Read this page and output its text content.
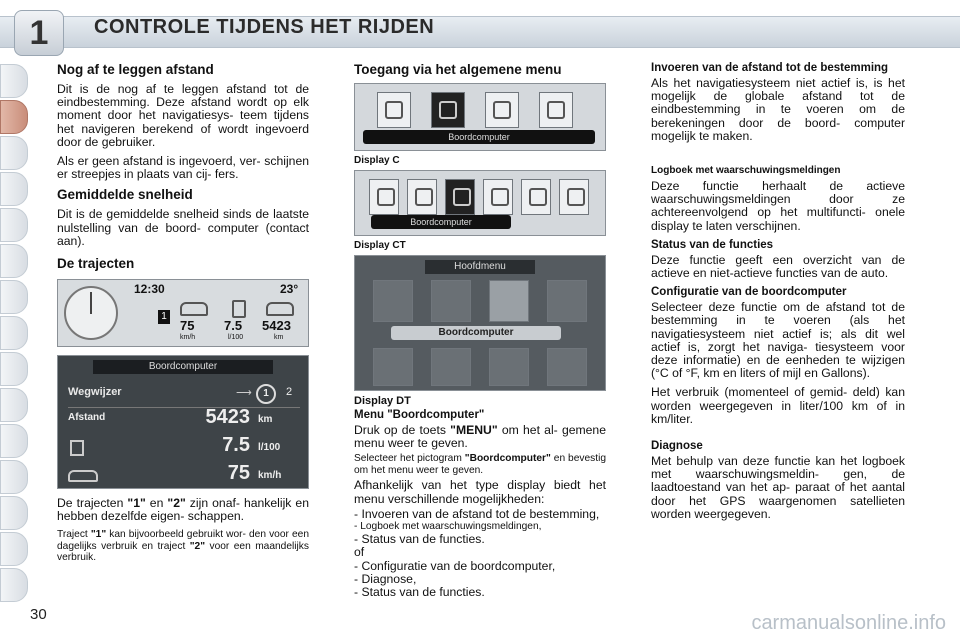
1	CONTROLE TIJDENS HET RIJDEN
Nog af te leggen afstand

Dit is de nog af te leggen afstand tot de eindbestemming. Deze afstand wordt op elk moment door het navigatiesys- teem tijdens het navigeren berekend of wordt ingevoerd door de gebruiker.

Als er geen afstand is ingevoerd, ver- schijnen er streepjes in plaats van cij- fers.

Gemiddelde snelheid

Dit is de gemiddelde snelheid sinds de laatste nulstelling van de boord- computer (contact aan).

De trajecten
12:30	23°
1
75
km/h
7.5
l/100
5423
km
Boordcomputer
Wegwijzer	⟶	1	2
Afstand	5423 km
7.5 l/100
75 km/h

De trajecten "1" en "2" zijn onaf- hankelijk en hebben dezelfde eigen- schappen.

Traject "1" kan bijvoorbeeld gebruikt wor- den voor een dagelijks verbruik en traject "2" voor een maandelijks verbruik.

Toegang via het algemene menu
Boordcomputer
Display C
Boordcomputer
Display CT
Hoofdmenu
Boordcomputer
Display DT
Menu "Boordcomputer"

Druk op de toets "MENU" om het al- gemene menu weer te geven.

Selecteer het pictogram "Boordcomputer" en bevestig om het menu weer te geven.

Afhankelijk van het type display biedt het menu verschillende mogelijkheden:

- Invoeren van de afstand tot de bestemming,
- Logboek met waarschuwingsmeldingen,
- Status van de functies.
of
- Configuratie van de boordcomputer,
- Diagnose,
- Status van de functies.
Invoeren van de afstand tot de bestemming

Als het navigatiesysteem niet actief is, is het mogelijk de globale afstand tot de eindbestemming in te voeren om de berekeningen door de boord- computer mogelijk te maken.

Logboek met waarschuwingsmeldingen

Deze functie herhaalt de actieve waarschuwingsmeldingen door ze achtereenvolgend op het multifuncti- onele display te laten verschijnen.

Status van de functies

Deze functie geeft een overzicht van de actieve en niet-actieve functies van de auto.

Configuratie van de boordcomputer

Selecteer deze functie om de afstand tot de bestemming in te voeren (als het navigatiesysteem niet actief is; als dit wel actief is, zorgt het naviga- tiesysteem voor deze informatie) en de eenheden te wijzigen (°C of °F, km en liters of mijl en Gallons).

Het verbruik (momenteel of gemid- deld) kan worden weergegeven in liter/100 km of in km/liter.

Diagnose

Met behulp van deze functie kan het logboek met waarschuwingsmeldin- gen, de laadtoestand van het ap- paraat of het aantal door het GPS waargenomen satellieten worden weergegeven.

30	carmanualsonline.info
